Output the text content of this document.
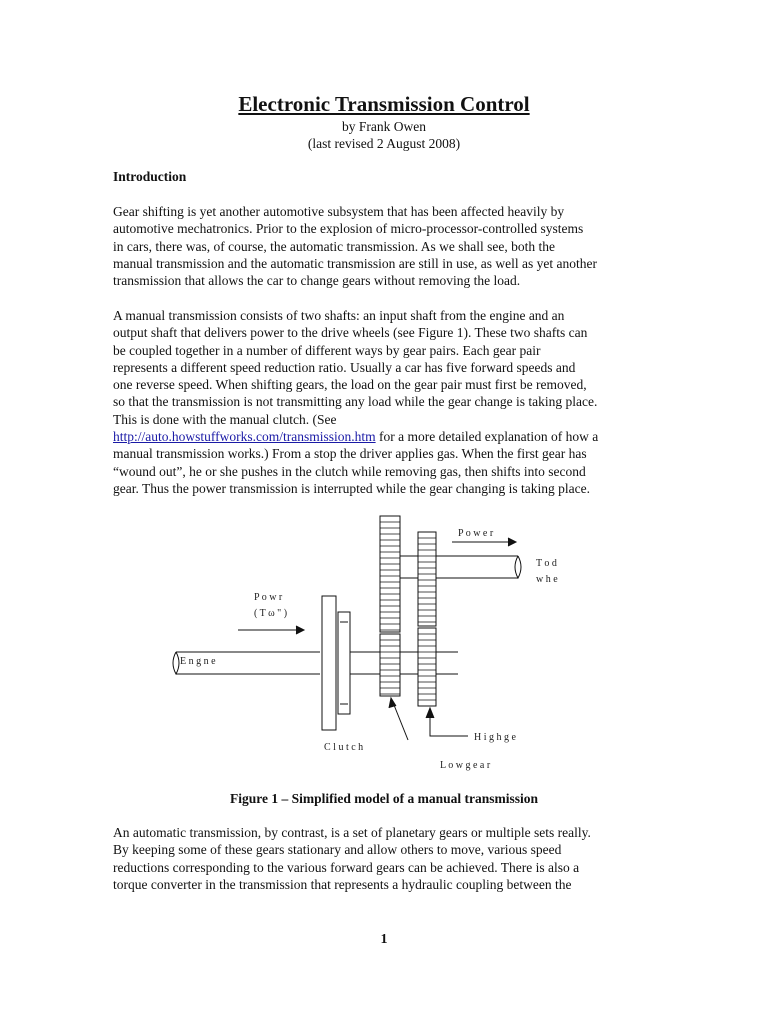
Electronic Transmission Control
by Frank Owen
(last revised 2 August 2008)
Introduction
Gear shifting is yet another automotive subsystem that has been affected heavily by
automotive mechatronics. Prior to the explosion of micro-processor-controlled systems
in cars, there was, of course, the automatic transmission. As we shall see, both the
manual transmission and the automatic transmission are still in use, as well as yet another
transmission that allows the car to change gears without removing the load.
A manual transmission consists of two shafts: an input shaft from the engine and an
output shaft that delivers power to the drive wheels (see Figure 1). These two shafts can
be coupled together in a number of different ways by gear pairs. Each gear pair
represents a different speed reduction ratio. Usually a car has five forward speeds and
one reverse speed. When shifting gears, the load on the gear pair must first be removed,
so that the transmission is not transmitting any load while the gear change is taking place.
This is done with the manual clutch. (See
http://auto.howstuffworks.com/transmission.htm for a more detailed explanation of how a
manual transmission works.) From a stop the driver applies gas. When the first gear has
“wound out”, he or she pushes in the clutch while removing gas, then shifts into second
gear. Thus the power transmission is interrupted while the gear changing is taking place.
P o w r
( T ω " )
E n g n e
P o w e r
T o d
w h e
C l u t c h
H i g h g e
L o w g e a r
Figure 1 – Simplified model of a manual transmission
An automatic transmission, by contrast, is a set of planetary gears or multiple sets really.
By keeping some of these gears stationary and allow others to move, various speed
reductions corresponding to the various forward gears can be achieved. There is also a
torque converter in the transmission that represents a hydraulic coupling between the
1
